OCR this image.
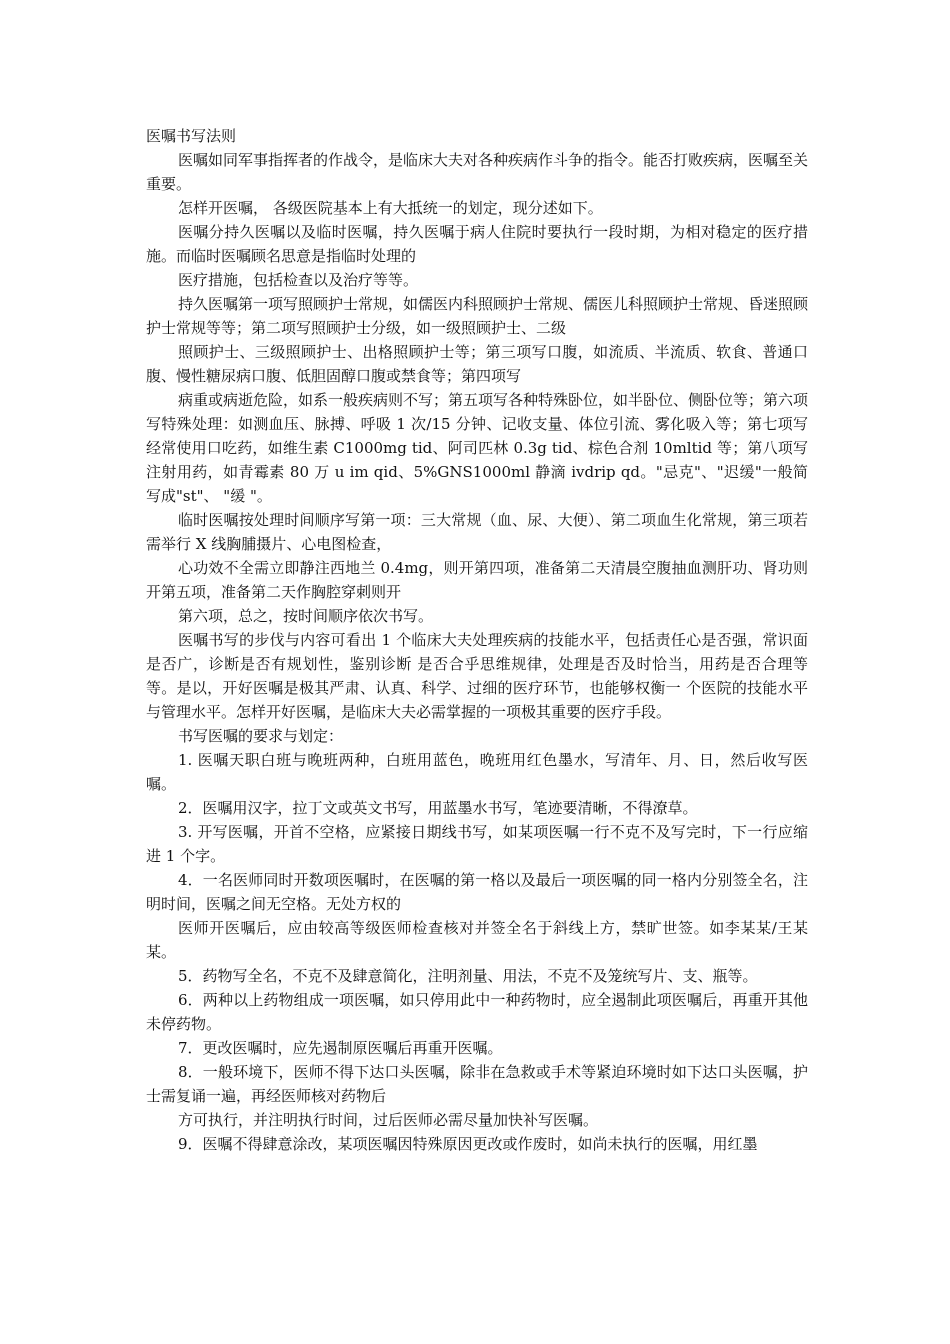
医嘱书写法则

医嘱如同军事指挥者的作战令，是临床大夫对各种疾病作斗争的指令。能否打败疾病，医嘱至关重要。

怎样开医嘱， 各级医院基本上有大抵统一的划定，现分述如下。

医嘱分持久医嘱以及临时医嘱，持久医嘱于病人住院时要执行一段时期，为相对稳定的医疗措施。而临时医嘱顾名思意是指临时处理的

医疗措施，包括检查以及治疗等等。

持久医嘱第一项写照顾护士常规，如儒医内科照顾护士常规、儒医儿科照顾护士常规、昏迷照顾护士常规等等；第二项写照顾护士分级，如一级照顾护士、二级

照顾护士、三级照顾护士、出格照顾护士等；第三项写口腹，如流质、半流质、软食、普通口腹、慢性糖尿病口腹、低胆固醇口腹或禁食等；第四项写

病重或病逝危险，如系一般疾病则不写；第五项写各种特殊卧位，如半卧位、侧卧位等；第六项写特殊处理：如测血压、脉搏、呼吸 1 次/15 分钟、记收支量、体位引流、雾化吸入等；第七项写经常使用口吃药，如维生素 C1000mg tid、阿司匹林 0.3g tid、棕色合剂 10mltid 等；第八项写注射用药，如青霉素 80 万 u im qid、5%GNS1000ml 静滴 ivdrip qd。"忌克"、"迟缓"一般简写成"st"、 "缓 "。

临时医嘱按处理时间顺序写第一项：三大常规（血、尿、大便）、第二项血生化常规，第三项若需举行 X 线胸脯摄片、心电图检查，

心功效不全需立即静注西地兰 0.4mg，则开第四项，准备第二天清晨空腹抽血测肝功、肾功则开第五项，准备第二天作胸腔穿刺则开

第六项，总之，按时间顺序依次书写。

医嘱书写的步伐与内容可看出 1 个临床大夫处理疾病的技能水平，包括责任心是否强，常识面是否广，诊断是否有规划性，鉴别诊断 是否合乎思维规律，处理是否及时恰当，用药是否合理等等。是以，开好医嘱是极其严肃、认真、科学、过细的医疗环节，也能够权衡一 个医院的技能水平与管理水平。怎样开好医嘱，是临床大夫必需掌握的一项极其重要的医疗手段。

书写医嘱的要求与划定：

1. 医嘱天职白班与晚班两种，白班用蓝色，晚班用红色墨水，写清年、月、日，然后收写医嘱。

2．医嘱用汉字，拉丁文或英文书写，用蓝墨水书写，笔迹要清晰，不得潦草。

3. 开写医嘱，开首不空格，应紧接日期线书写，如某项医嘱一行不克不及写完时，下一行应缩进 1 个字。

4．一名医师同时开数项医嘱时，在医嘱的第一格以及最后一项医嘱的同一格内分别签全名，注明时间，医嘱之间无空格。无处方权的

医师开医嘱后，应由较高等级医师检查核对并签全名于斜线上方，禁旷世签。如李某某/王某某。

5．药物写全名，不克不及肆意简化，注明剂量、用法，不克不及笼统写片、支、瓶等。

6．两种以上药物组成一项医嘱，如只停用此中一种药物时，应全遏制此项医嘱后，再重开其他未停药物。

7．更改医嘱时，应先遏制原医嘱后再重开医嘱。

8．一般环境下，医师不得下达口头医嘱，除非在急救或手术等紧迫环境时如下达口头医嘱，护士需复诵一遍，再经医师核对药物后

方可执行，并注明执行时间，过后医师必需尽量加快补写医嘱。

9．医嘱不得肆意涂改，某项医嘱因特殊原因更改或作废时，如尚未执行的医嘱，用红墨
